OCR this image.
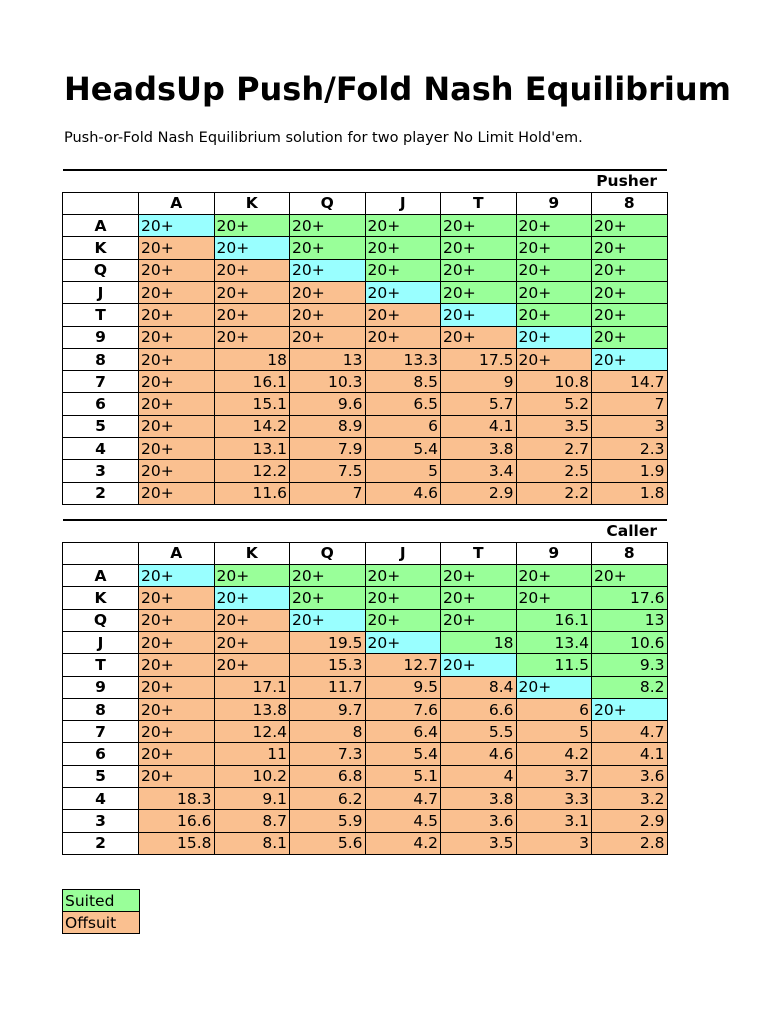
HeadsUp Push/Fold Nash Equilibrium
Push-or-Fold Nash Equilibrium solution for two player No Limit Hold'em.
Pusher							
	A	K	Q	J	T	9	8
A	20+	20+	20+	20+	20+	20+	20+
K	20+	20+	20+	20+	20+	20+	20+
Q	20+	20+	20+	20+	20+	20+	20+
J	20+	20+	20+	20+	20+	20+	20+
T	20+	20+	20+	20+	20+	20+	20+
9	20+	20+	20+	20+	20+	20+	20+
8	20+	18	13	13.3	17.5	20+	20+
7	20+	16.1	10.3	8.5	9	10.8	14.7
6	20+	15.1	9.6	6.5	5.7	5.2	7
5	20+	14.2	8.9	6	4.1	3.5	3
4	20+	13.1	7.9	5.4	3.8	2.7	2.3
3	20+	12.2	7.5	5	3.4	2.5	1.9
2	20+	11.6	7	4.6	2.9	2.2	1.8
Caller							
	A	K	Q	J	T	9	8
A	20+	20+	20+	20+	20+	20+	20+
K	20+	20+	20+	20+	20+	20+	17.6
Q	20+	20+	20+	20+	20+	16.1	13
J	20+	20+	19.5	20+	18	13.4	10.6
T	20+	20+	15.3	12.7	20+	11.5	9.3
9	20+	17.1	11.7	9.5	8.4	20+	8.2
8	20+	13.8	9.7	7.6	6.6	6	20+
7	20+	12.4	8	6.4	5.5	5	4.7
6	20+	11	7.3	5.4	4.6	4.2	4.1
5	20+	10.2	6.8	5.1	4	3.7	3.6
4	18.3	9.1	6.2	4.7	3.8	3.3	3.2
3	16.6	8.7	5.9	4.5	3.6	3.1	2.9
2	15.8	8.1	5.6	4.2	3.5	3	2.8
Suited
Offsuit
